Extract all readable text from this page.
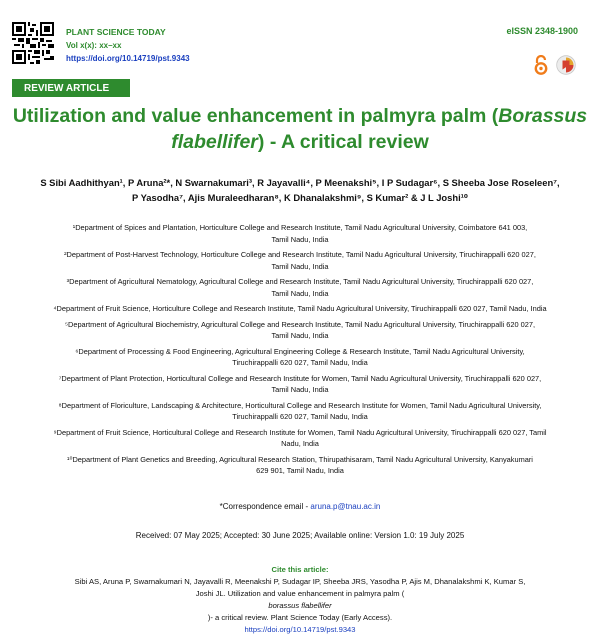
PLANT SCIENCE TODAY
Vol x(x): xx–xx
https://doi.org/10.14719/pst.9343
eISSN 2348-1900
REVIEW ARTICLE
Utilization and value enhancement in palmyra palm (Borassus
flabellifer) - A critical review
S Sibi Aadhithyan¹, P Aruna²*, N Swarnakumari³, R Jayavalli⁴, P Meenakshi⁵, I P Sudagar⁶, S Sheeba Jose Roseleen⁷,
P Yasodha⁷, Ajis Muraleedharan⁸, K Dhanalakshmi⁹, S Kumar² & J L Joshi¹⁰
¹Department of Spices and Plantation, Horticulture College and Research Institute, Tamil Nadu Agricultural University, Coimbatore 641 003,
Tamil Nadu, India
²Department of Post-Harvest Technology, Horticulture College and Research Institute, Tamil Nadu Agricultural University, Tiruchirappalli 620 027,
Tamil Nadu, India
³Department of Agricultural Nematology, Agricultural College and Research Institute, Tamil Nadu Agricultural University, Tiruchirappalli 620 027,
Tamil Nadu, India
⁴Department of Fruit Science, Horticulture College and Research Institute, Tamil Nadu Agricultural University, Tiruchirappalli 620 027, Tamil Nadu, India
⁵Department of Agricultural Biochemistry, Agricultural College and Research Institute, Tamil Nadu Agricultural University, Tiruchirappalli 620 027,
Tamil Nadu, India
⁶Department of Processing & Food Engineering, Agricultural Engineering College & Research Institute, Tamil Nadu Agricultural University,
Tiruchirappalli 620 027, Tamil Nadu, India
⁷Department of Plant Protection, Horticultural College and Research Institute for Women, Tamil Nadu Agricultural University, Tiruchirappalli 620 027,
Tamil Nadu, India
⁸Department of Floriculture, Landscaping & Architecture, Horticultural College and Research Institute for Women, Tamil Nadu Agricultural University,
Tiruchirappalli 620 027, Tamil Nadu, India
⁹Department of Fruit Science, Horticultural College and Research Institute for Women, Tamil Nadu Agricultural University, Tiruchirappalli 620 027, Tamil
Nadu, India
¹⁰Department of Plant Genetics and Breeding, Agricultural Research Station, Thirupathisaram, Tamil Nadu Agricultural University, Kanyakumari
629 901, Tamil Nadu, India
*Correspondence email - aruna.p@tnau.ac.in
Received: 07 May 2025; Accepted: 30 June 2025; Available online: Version 1.0: 19 July 2025
Cite this article:
Sibi AS, Aruna P, Swarnakumari N, Jayavalli R, Meenakshi P, Sudagar IP, Sheeba JRS, Yasodha P, Ajis M, Dhanalakshmi K, Kumar S,
Joshi JL. Utilization and value enhancement in palmyra palm (
borassus flabellifer
)- a critical review. Plant Science Today (Early Access).
https://doi.org/10.14719/pst.9343
